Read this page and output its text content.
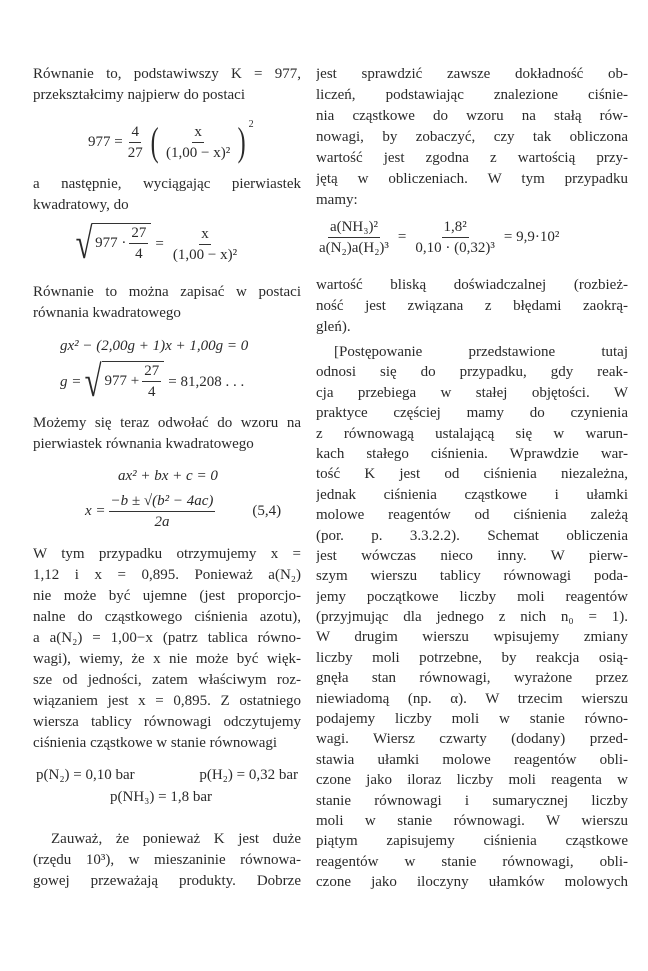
Równanie to, podstawiwszy K = 977,
przekształcimy najpierw do postaci
$977 = \frac{4}{27}$ ( $\frac{x}{\text{(1,00 − x)²}}$ ) 2
a następnie, wyciągając pierwiastek
kwadratowy, do
√ $977 \cdot \frac{27}{4} = \frac{x}{\text{(1,00 − x)²}}$
Równanie to można zapisać w postaci
równania kwadratowego
gx² − (2,00g + 1)x + 1,00g = 0
g = √ $977 + \frac{27}{4} = 81,208$ . . .
Możemy się teraz odwołać do wzoru na
pierwiastek równania kwadratowego
ax² + bx + c = 0
$x = \frac{\text{−b ± √(b² − 4ac)}}{2a} (5,4)$
W tym przypadku otrzymujemy x =
1,12 i x = 0,895. Ponieważ a(N₂)
nie może być ujemne (jest proporcjo-
nalne do cząstkowego ciśnienia azotu),
a a(N₂) = 1,00−x (patrz tablica równo-
wagi), wiemy, że x nie może być więk-
sze od jedności, zatem właściwym roz-
wiązaniem jest x = 0,895. Z ostatniego
wiersza tablicy równowagi odczytujemy
ciśnienia cząstkowe w stanie równowagi
p(N₂) = 0,10 bar	p(H₂) = 0,32 bar
p(NH₃) = 1,8 bar
Zauważ, że ponieważ K jest duże
(rzędu 10³), w mieszaninie równowa-
gowej przeważają produkty. Dobrze
jest sprawdzić zawsze dokładność ob-
liczeń, podstawiając znalezione ciśnie-
nia cząstkowe do wzoru na stałą rów-
nowagi, by zobaczyć, czy tak obliczona
wartość jest zgodna z wartością przy-
jętą w obliczeniach. W tym przypadku
mamy:
$\frac{\text{a(NH₃)²}}{\text{a(N₂)a(H₂)³}} = \frac{\text{1,8²}}{\text{0,10 · (0,32)³}} = 9,9\cdot 10^2$
wartość bliską doświadczalnej (rozbież-
ność jest związana z błędami zaokrą-
gleń).
[Postępowanie przedstawione tutaj
odnosi się do przypadku, gdy reak-
cja przebiega w stałej objętości. W
praktyce częściej mamy do czynienia
z równowagą ustalającą się w warun-
kach stałego ciśnienia. Wprawdzie war-
tość K jest od ciśnienia niezależna,
jednak ciśnienia cząstkowe i ułamki
molowe reagentów od ciśnienia zależą
(por. p. 3.3.2.2). Schemat obliczenia
jest wówczas nieco inny. W pierw-
szym wierszu tablicy równowagi poda-
jemy początkowe liczby moli reagentów
(przyjmując dla jednego z nich n₀ = 1).
W drugim wierszu wpisujemy zmiany
liczby moli potrzebne, by reakcja osią-
gnęła stan równowagi, wyrażone przez
niewiadomą (np. α). W trzecim wierszu
podajemy liczby moli w stanie równo-
wagi. Wiersz czwarty (dodany) przed-
stawia ułamki molowe reagentów obli-
czone jako iloraz liczby moli reagenta w
stanie równowagi i sumarycznej liczby
moli w stanie równowagi. W wierszu
piątym zapisujemy ciśnienia cząstkowe
reagentów w stanie równowagi, obli-
czone jako iloczyny ułamków molowych
